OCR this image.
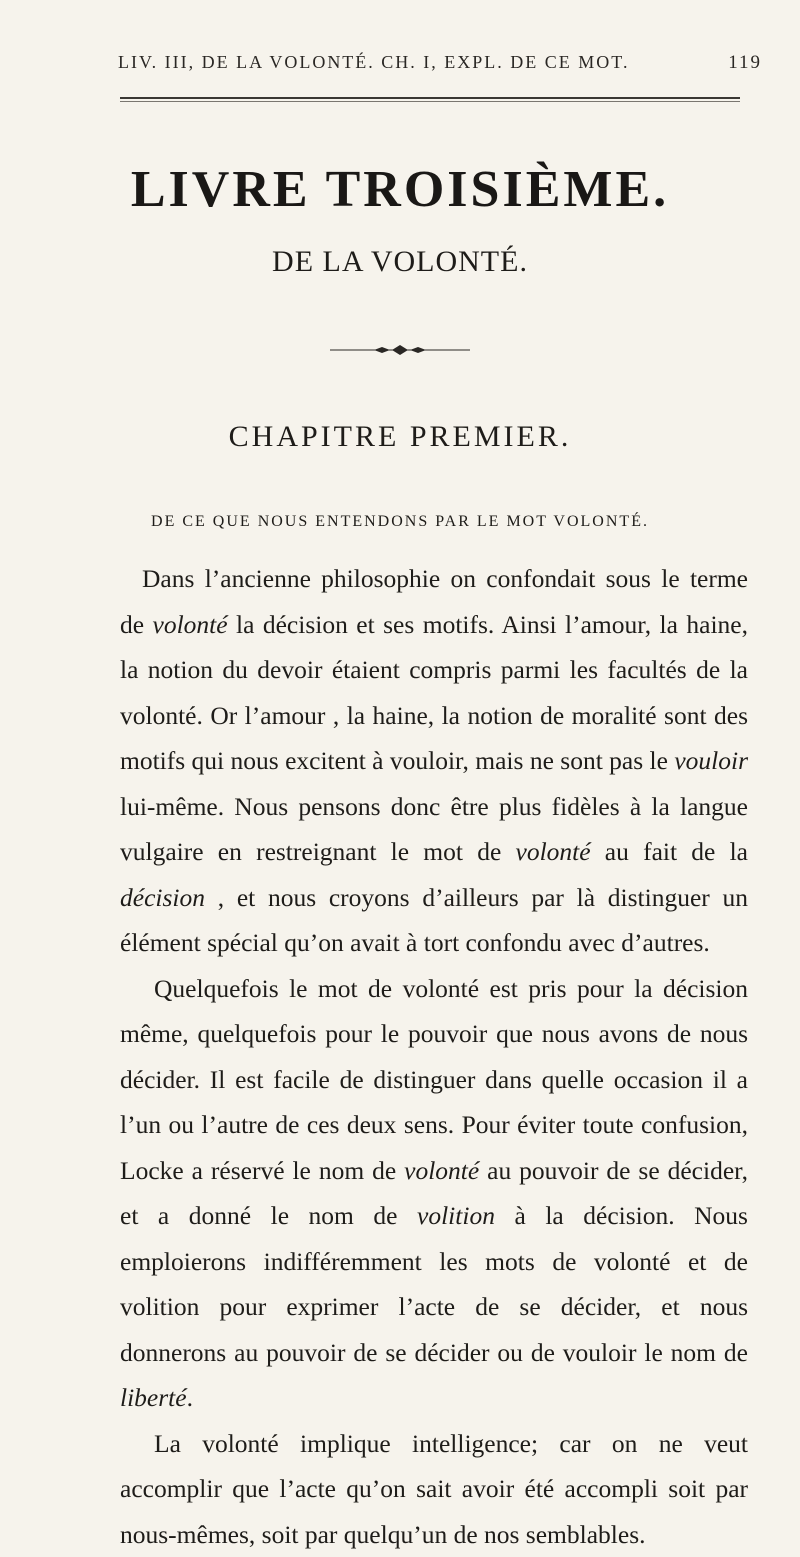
LIV. III, DE LA VOLONTÉ. CH. I, EXPL. DE CE MOT.	119
LIVRE TROISIÈME.
DE LA VOLONTÉ.
CHAPITRE PREMIER.
DE CE QUE NOUS ENTENDONS PAR LE MOT VOLONTÉ.

Dans l’ancienne philosophie on confondait sous le terme de volonté la décision et ses motifs. Ainsi l’amour, la haine, la notion du devoir étaient compris parmi les facultés de la volonté. Or l’amour , la haine, la notion de moralité sont des motifs qui nous excitent à vouloir, mais ne sont pas le vouloir lui-même. Nous pensons donc être plus fidèles à la langue vulgaire en restreignant le mot de volonté au fait de la décision , et nous croyons d’ailleurs par là distinguer un élément spécial qu’on avait à tort confondu avec d’autres.

Quelquefois le mot de volonté est pris pour la décision même, quelquefois pour le pouvoir que nous avons de nous décider. Il est facile de distinguer dans quelle occasion il a l’un ou l’autre de ces deux sens. Pour éviter toute confusion, Locke a réservé le nom de volonté au pouvoir de se décider, et a donné le nom de volition à la décision. Nous emploierons indifféremment les mots de volonté et de volition pour exprimer l’acte de se décider, et nous donnerons au pouvoir de se décider ou de vouloir le nom de liberté.

La volonté implique intelligence; car on ne veut accomplir que l’acte qu’on sait avoir été accompli soit par nous-mêmes, soit par quelqu’un de nos semblables.
